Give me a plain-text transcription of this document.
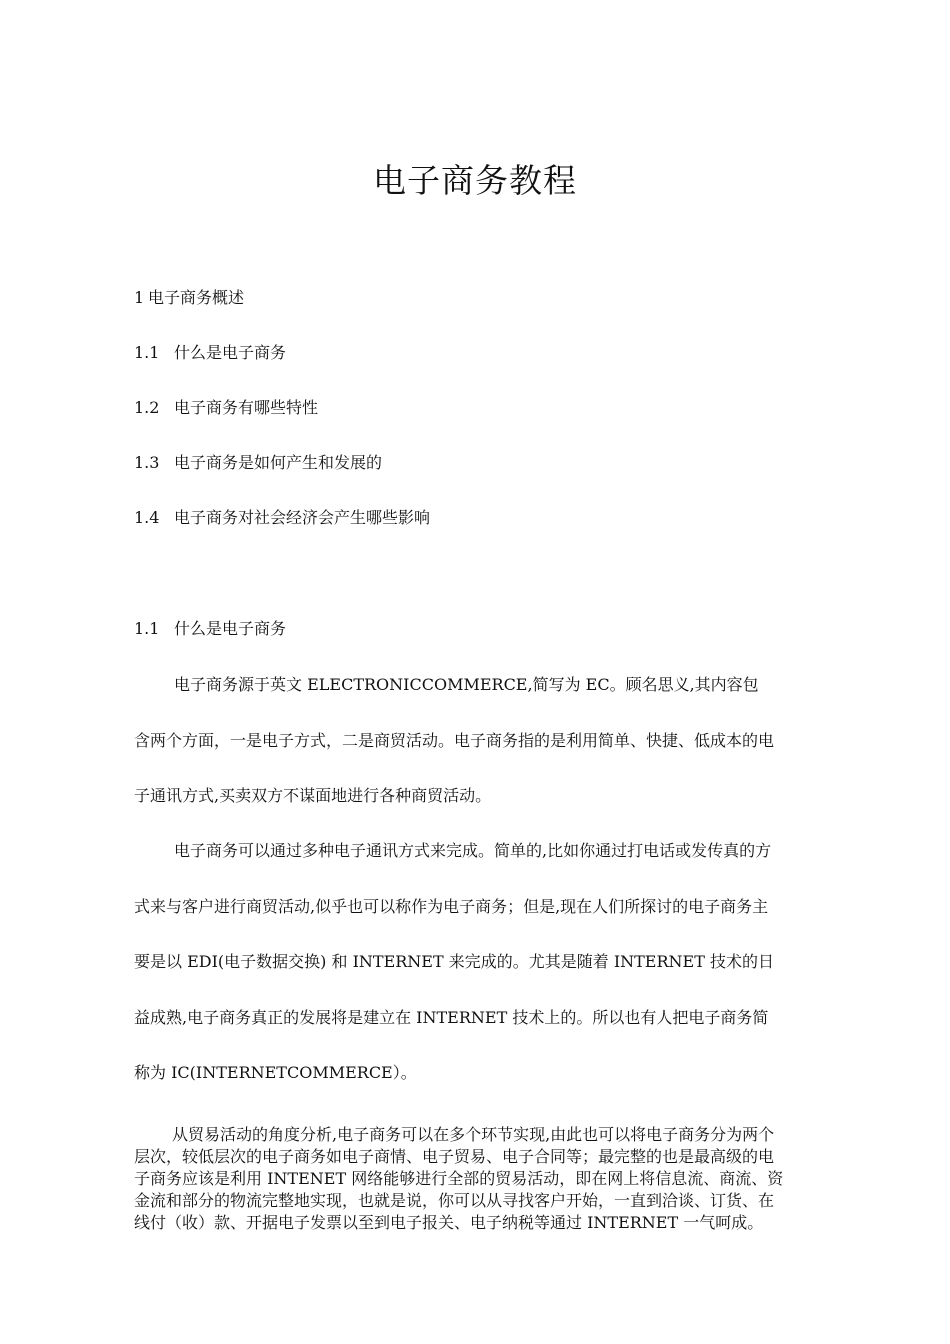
电子商务教程
1 电子商务概述
1.1 什么是电子商务
1.2 电子商务有哪些特性
1.3 电子商务是如何产生和发展的
1.4 电子商务对社会经济会产生哪些影响
1.1 什么是电子商务
电子商务源于英文 ELECTRONICCOMMERCE,简写为 EC。顾名思义,其内容包
含两个方面，一是电子方式，二是商贸活动。电子商务指的是利用简单、快捷、低成本的电
子通讯方式,买卖双方不谋面地进行各种商贸活动。
电子商务可以通过多种电子通讯方式来完成。简单的,比如你通过打电话或发传真的方
式来与客户进行商贸活动,似乎也可以称作为电子商务；但是,现在人们所探讨的电子商务主
要是以 EDI(电子数据交换) 和 INTERNET 来完成的。尤其是随着 INTERNET 技术的日
益成熟,电子商务真正的发展将是建立在 INTERNET 技术上的。所以也有人把电子商务简
称为 IC(INTERNETCOMMERCE）。
从贸易活动的角度分析,电子商务可以在多个环节实现,由此也可以将电子商务分为两个
层次，较低层次的电子商务如电子商情、电子贸易、电子合同等；最完整的也是最高级的电
子商务应该是利用 INTENET 网络能够进行全部的贸易活动，即在网上将信息流、商流、资
金流和部分的物流完整地实现，也就是说，你可以从寻找客户开始，一直到洽谈、订货、在
线付（收）款、开据电子发票以至到电子报关、电子纳税等通过 INTERNET 一气呵成。
